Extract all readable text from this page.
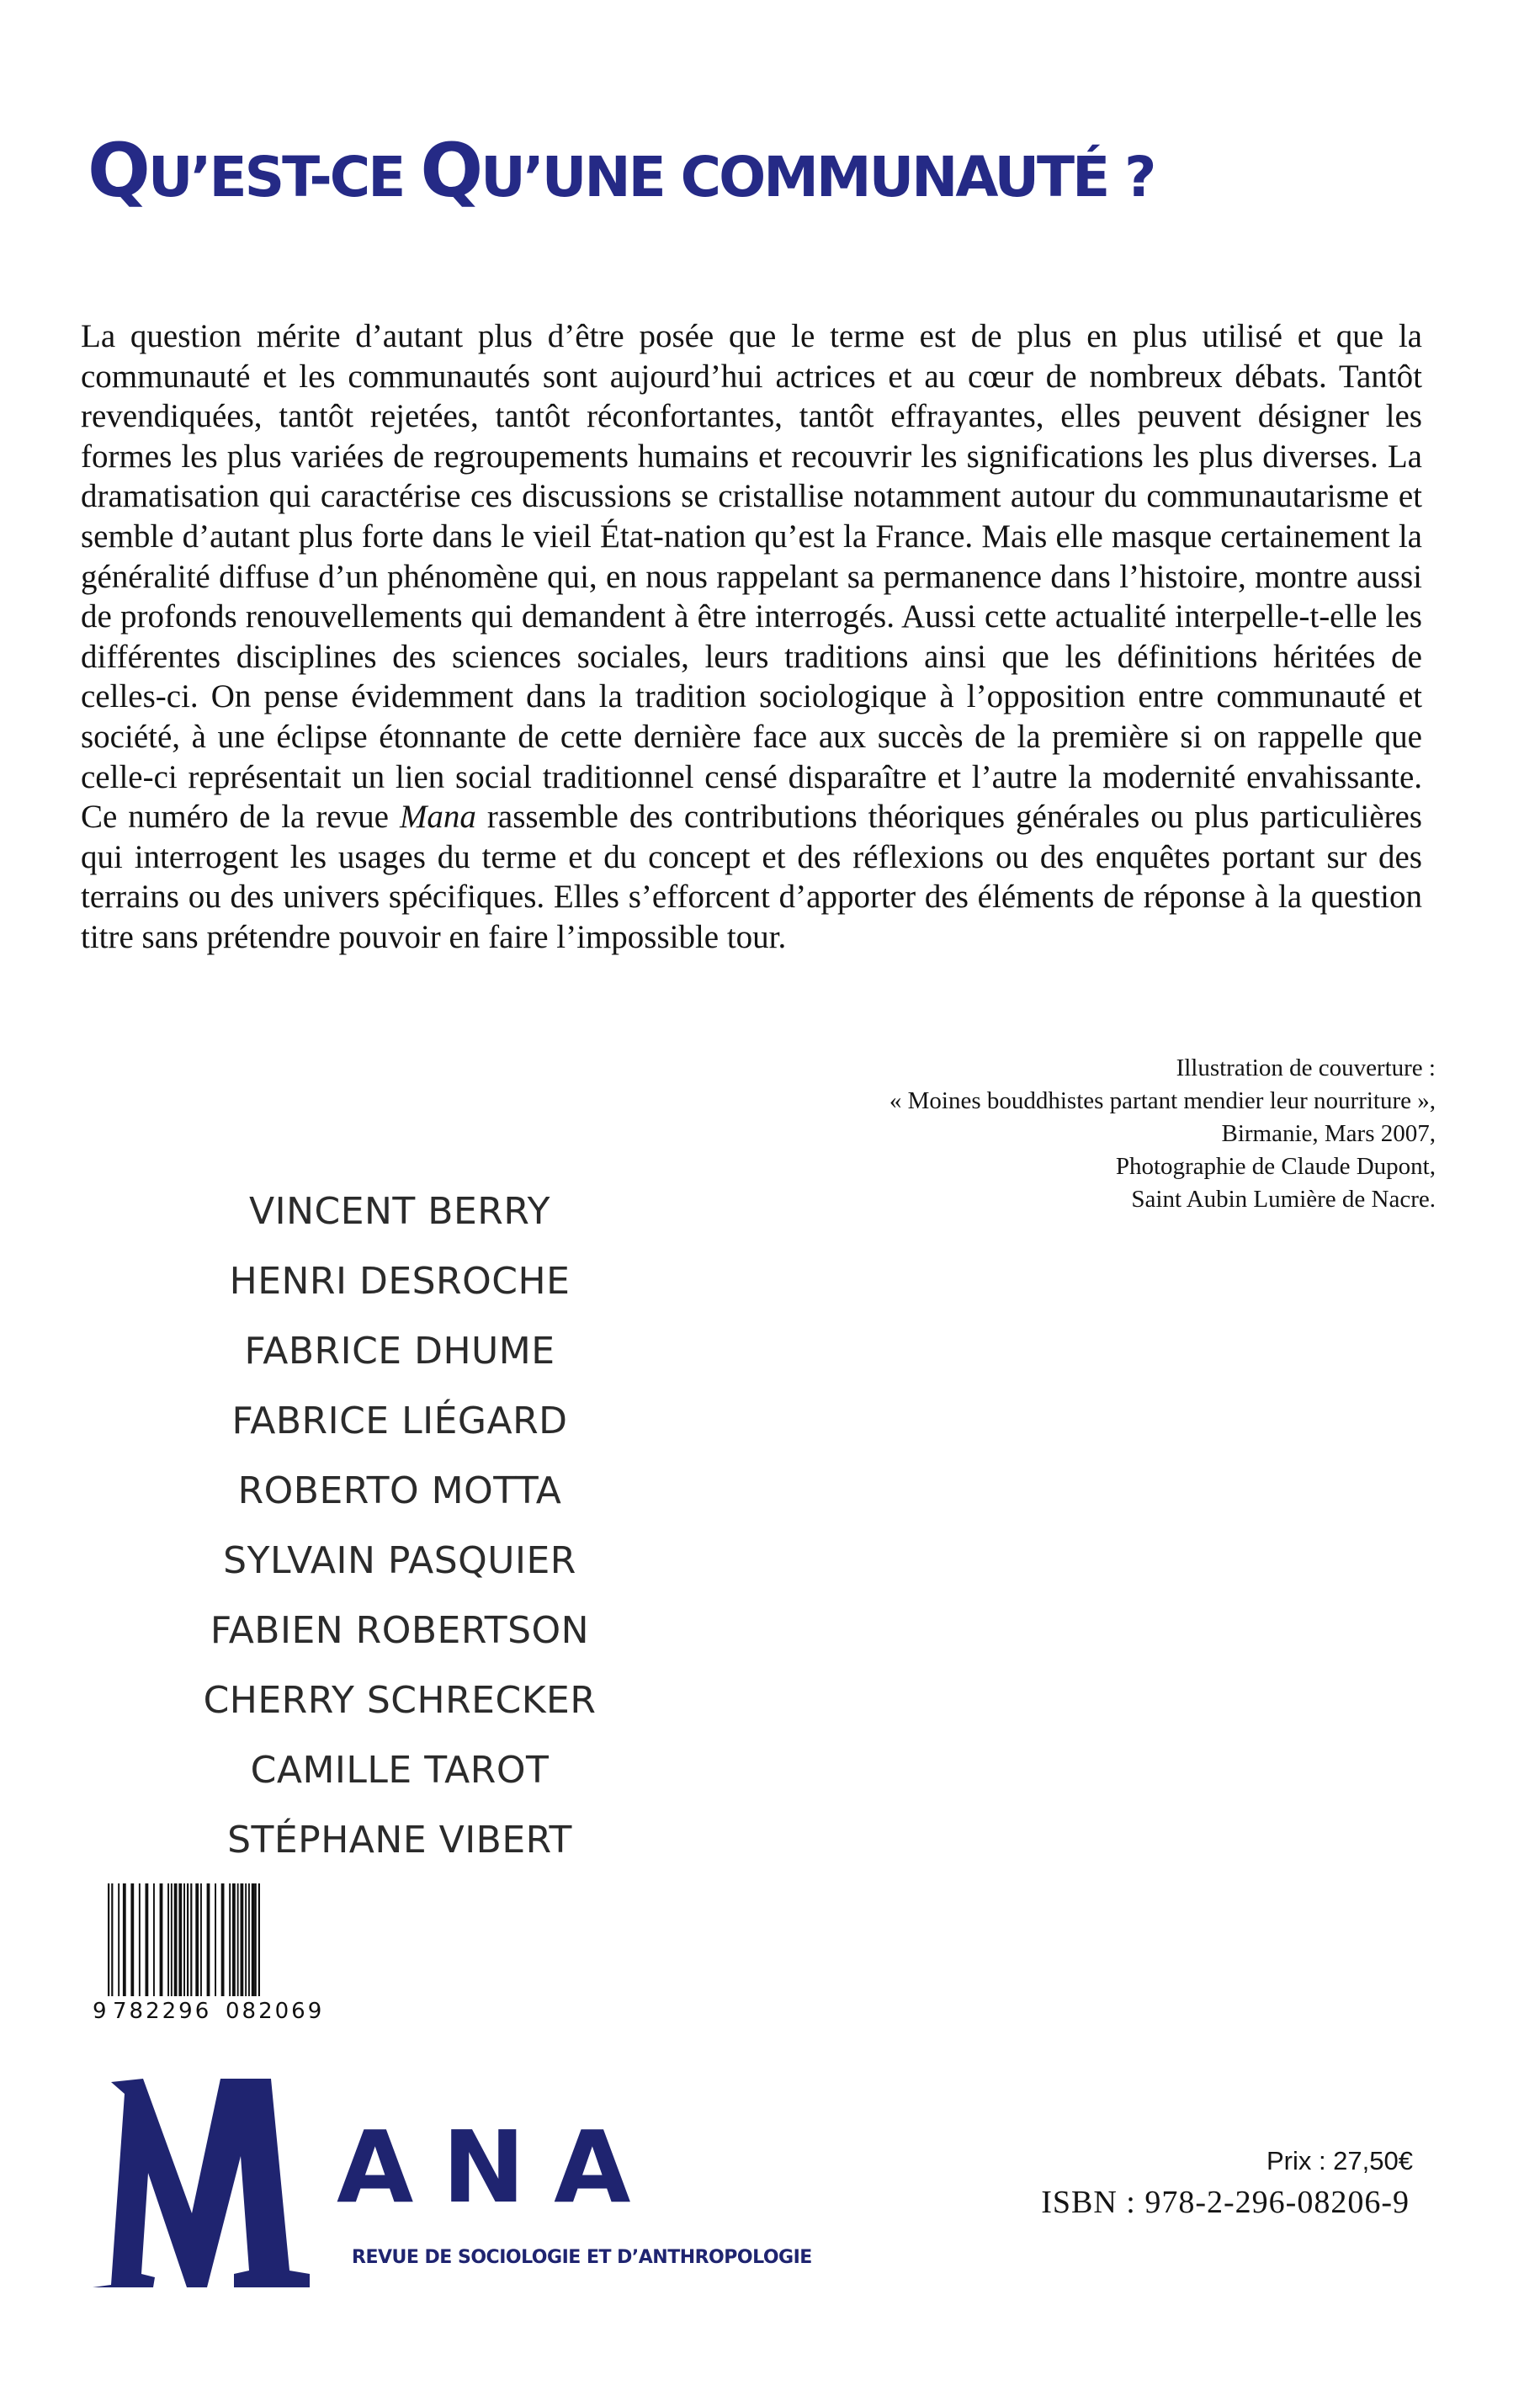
QU’EST-CE QU’UNE COMMUNAUTÉ ?

La question mérite d’autant plus d’être posée que le terme est de plus en plus utilisé et que la communauté et les communautés sont aujourd’hui actrices et au cœur de nombreux débats. Tantôt revendiquées, tantôt rejetées, tantôt réconfortantes, tantôt effrayantes, elles peuvent désigner les formes les plus variées de regroupements humains et recouvrir les significations les plus diverses. La dramatisation qui caractérise ces discussions se cristallise notamment autour du communautarisme et semble d’autant plus forte dans le vieil État-nation qu’est la France. Mais elle masque certainement la généralité diffuse d’un phénomène qui, en nous rappelant sa permanence dans l’histoire, montre aussi de profonds renouvellements qui demandent à être interrogés. Aussi cette actualité interpelle-t-elle les différentes disciplines des sciences sociales, leurs traditions ainsi que les définitions héritées de celles-ci. On pense évidemment dans la tradition sociologique à l’opposition entre communauté et société, à une éclipse étonnante de cette dernière face aux succès de la première si on rappelle que celle-ci représentait un lien social traditionnel censé disparaître et l’autre la modernité envahissante. Ce numéro de la revue Mana rassemble des contributions théoriques générales ou plus particulières qui interrogent les usages du terme et du concept et des réflexions ou des enquêtes portant sur des terrains ou des univers spécifiques. Elles s’efforcent d’apporter des éléments de réponse à la question titre sans prétendre pouvoir en faire l’impossible tour.

Illustration de couverture :
« Moines bouddhistes partant mendier leur nourriture »,
Birmanie, Mars 2007,
Photographie de Claude Dupont,
Saint Aubin Lumière de Nacre.
VINCENT BERRY
HENRI DESROCHE
FABRICE DHUME
FABRICE LIÉGARD
ROBERTO MOTTA
SYLVAIN PASQUIER
FABIEN ROBERTSON
CHERRY SCHRECKER
CAMILLE TAROT
STÉPHANE VIBERT
9 782296 082069
ANA
REVUE DE SOCIOLOGIE ET D’ANTHROPOLOGIE
Prix : 27,50€
ISBN : 978-2-296-08206-9
